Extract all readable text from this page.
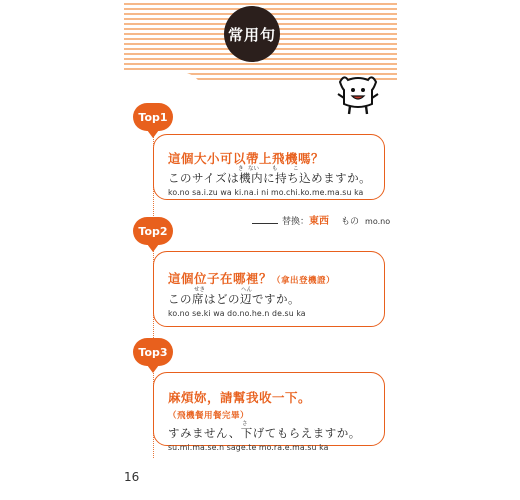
常用句
Top1
這個大小可以帶上飛機嗎？
き ない も	こ
このサイズは機内に持ち込めますか。
ko.no sa.i.zu wa ki.na.i ni mo.chi.ko.me.ma.su ka
替換： 東西 もの mo.no
Top2
這個位子在哪裡？（拿出登機證）
せき	へん
この席はどの辺ですか。
ko.no se.ki wa do.no.he.n de.su ka
Top3
麻煩妳，請幫我收一下。（飛機餐用餐完畢）
さ
すみません、下げてもらえますか。
su.mi.ma.se.n sage.te mo.ra.e.ma.su ka
16
